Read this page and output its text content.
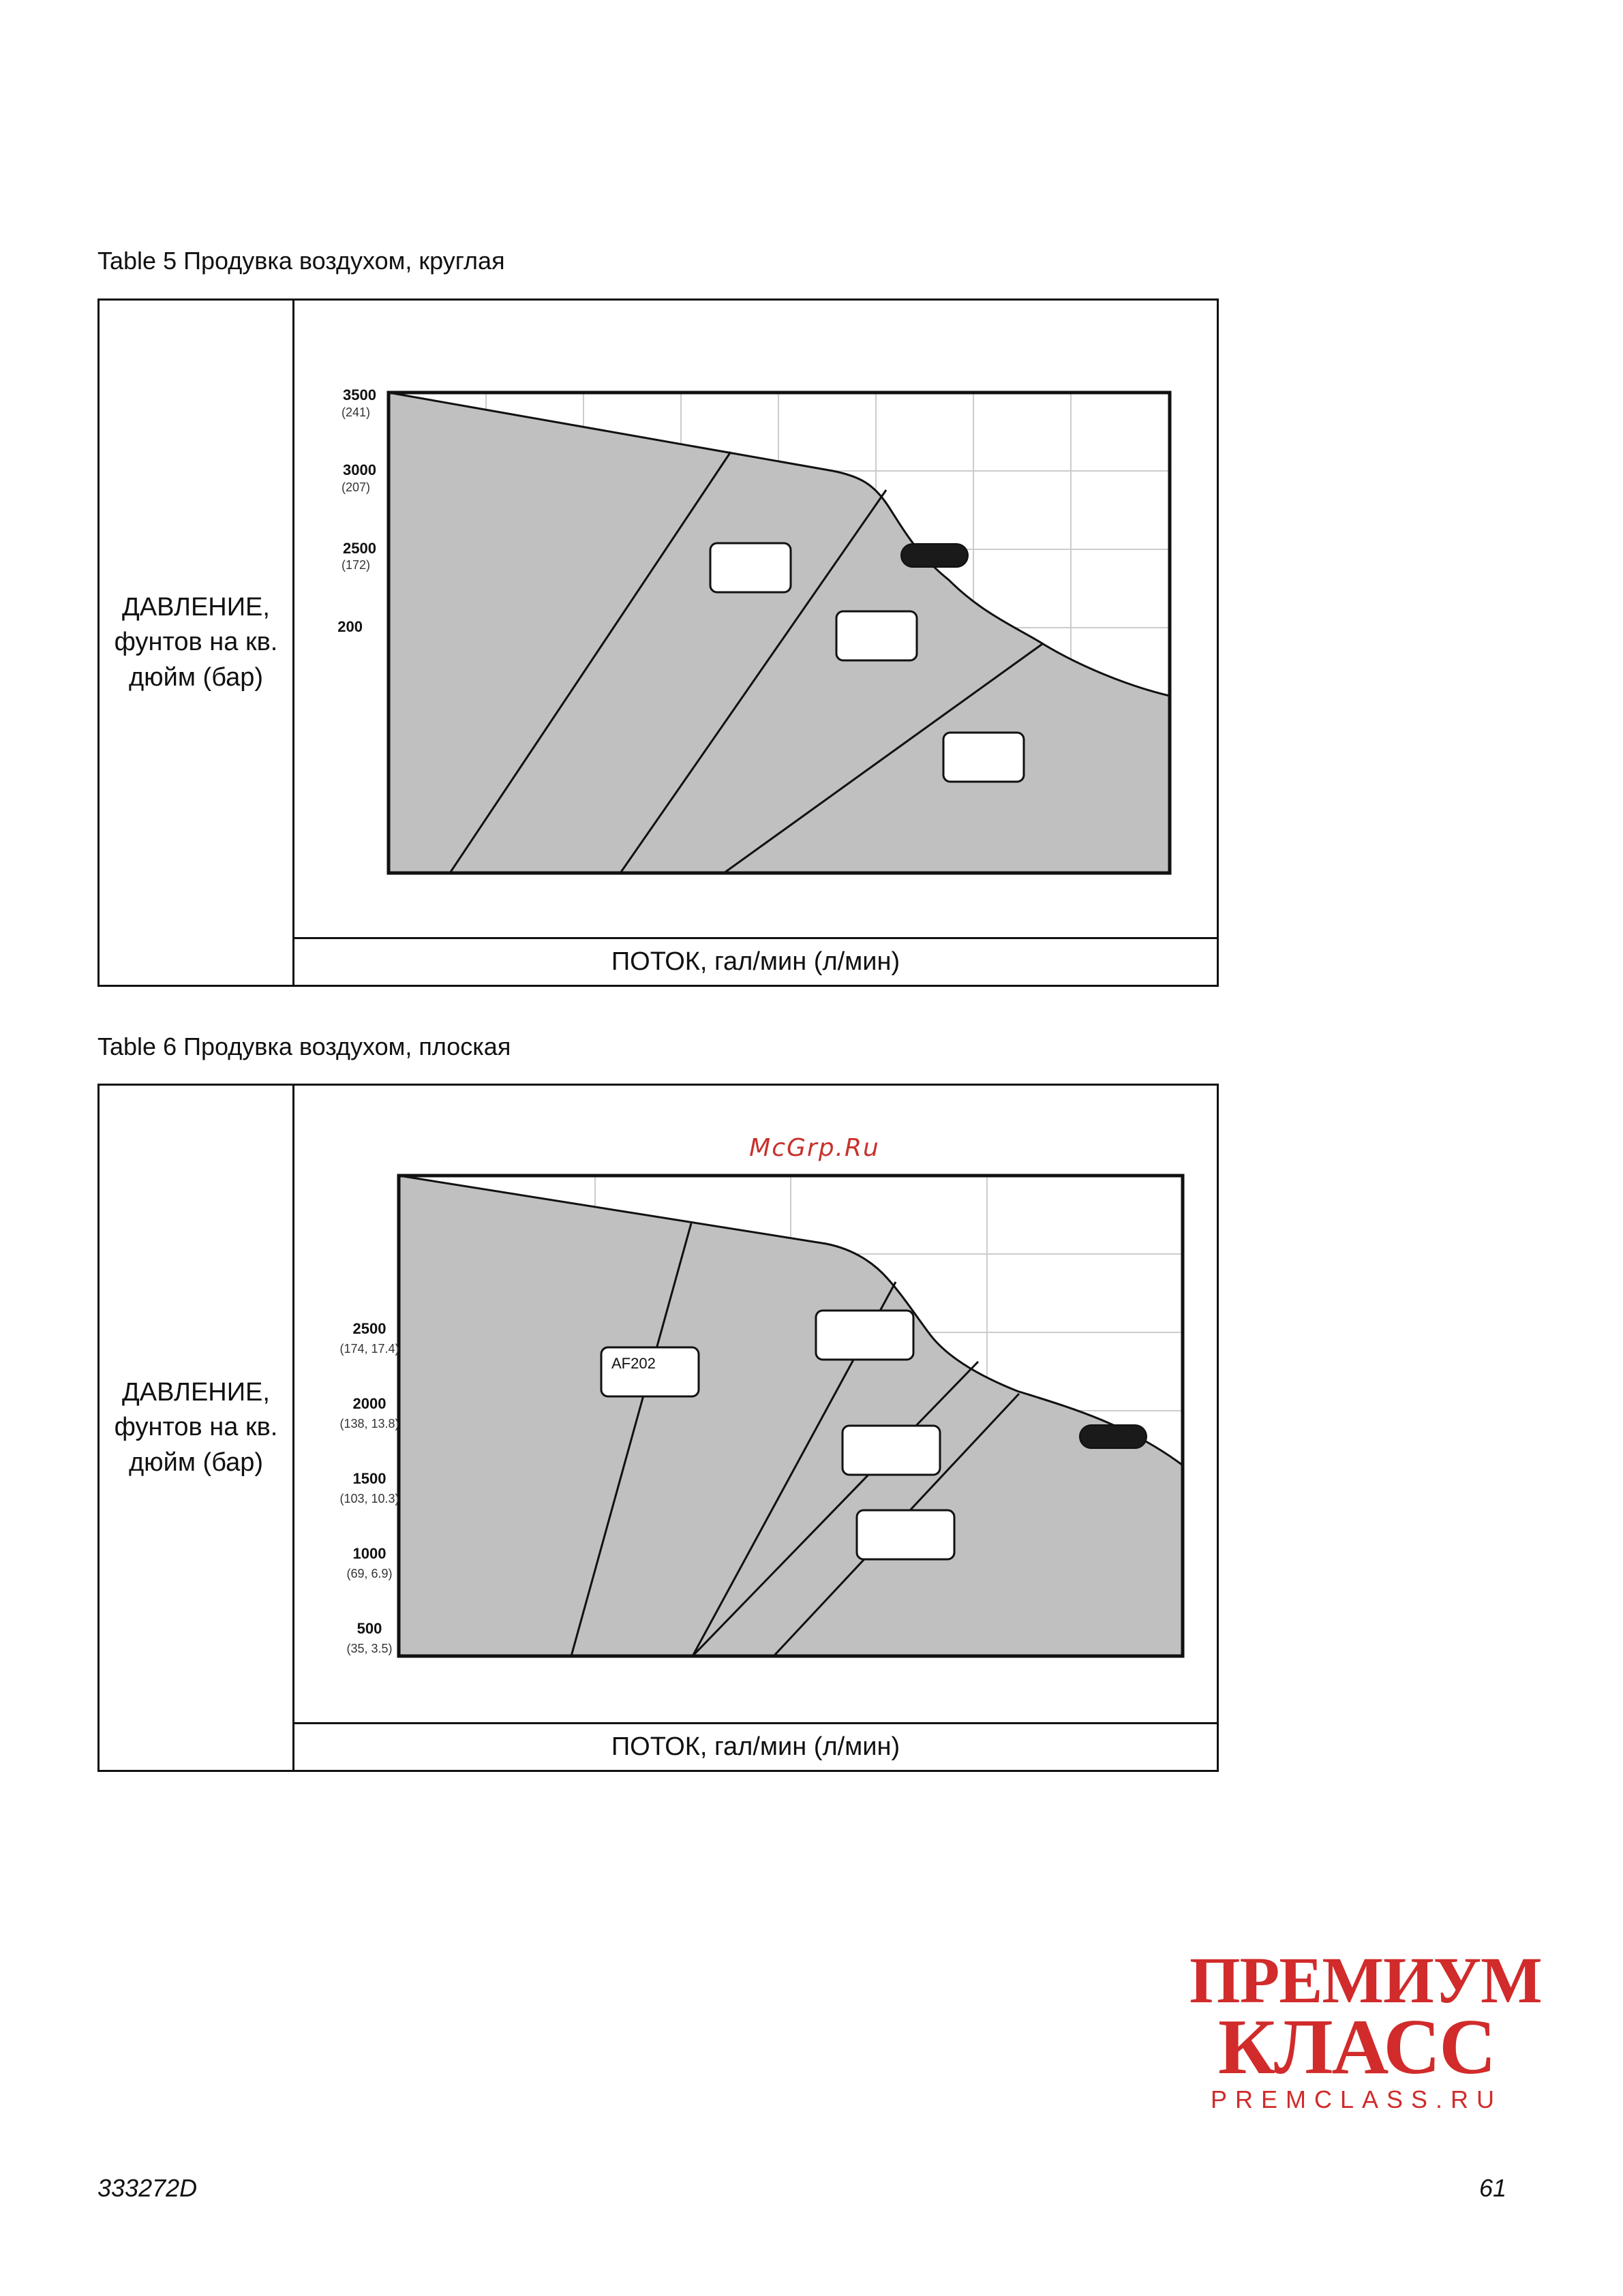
Table 5 Продувка воздухом, круглая
ДАВЛЕНИЕ,
фунтов на кв.
дюйм (бар)
3500
(241)
3000
(207)
2500
(172)
200
ПОТОК, гал/мин (л/мин)
Table 6 Продувка воздухом, плоская
ДАВЛЕНИЕ,
фунтов на кв.
дюйм (бар)
McGrp.Ru
AF202
2500
(174, 17.4)
2000
(138, 13.8)
1500
(103, 10.3)
1000
(69, 6.9)
500
(35, 3.5)
ПОТОК, гал/мин (л/мин)
ПРЕМИУМ
КЛАСС
PREMCLASS.RU
333272D	61
